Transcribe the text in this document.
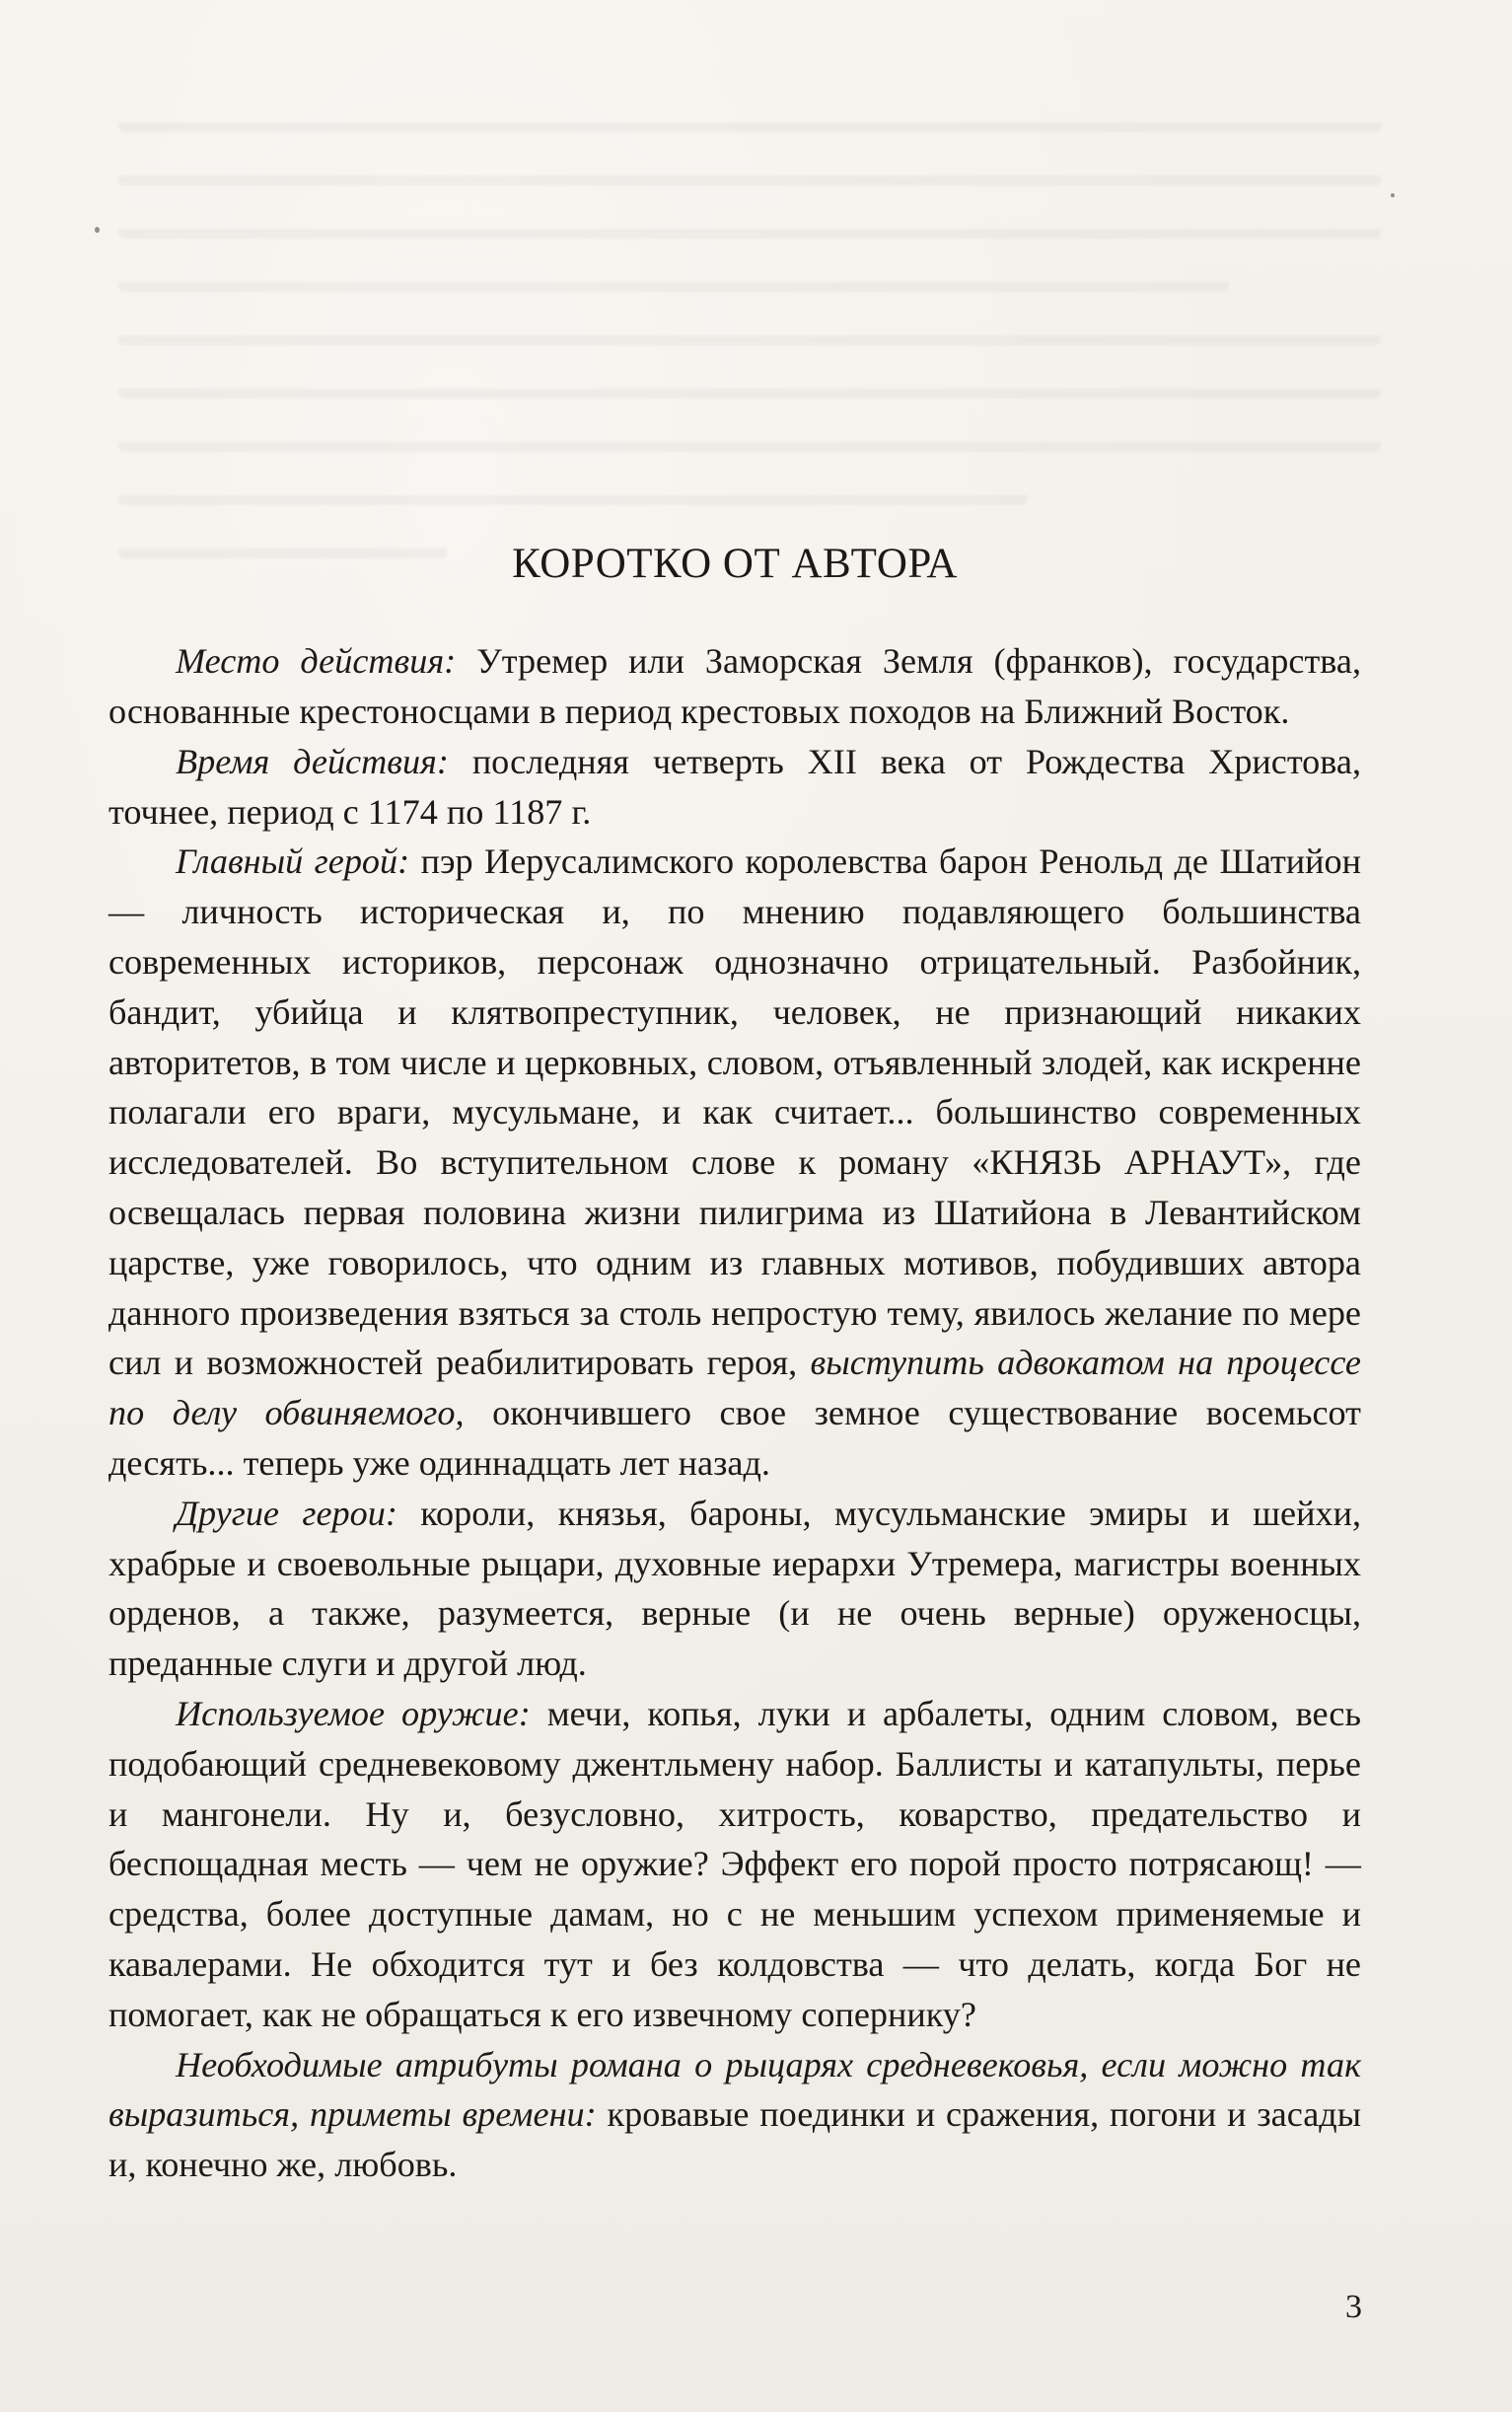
КОРОТКО ОТ АВТОРА

Место действия: Утремер или Заморская Земля (франков), государства, основанные крестоносцами в период крестовых походов на Ближний Восток.

Время действия: последняя четверть XII века от Рождества Христова, точнее, период с 1174 по 1187 г.

Главный герой: пэр Иерусалимского королевства барон Ренольд де Шатийон — личность историческая и, по мнению подавляющего большинства современных историков, персонаж однозначно отрицательный. Разбойник, бандит, убийца и клятвопреступник, человек, не признающий никаких авторитетов, в том числе и церковных, словом, отъявленный злодей, как искренне полагали его враги, мусульмане, и как считает... большинство современных исследователей. Во вступительном слове к роману «КНЯЗЬ АРНАУТ», где освещалась первая половина жизни пилигрима из Шатийона в Левантийском царстве, уже говорилось, что одним из главных мотивов, побудивших автора данного произведения взяться за столь непростую тему, явилось желание по мере сил и возможностей реабилитировать героя, выступить адвокатом на процессе по делу обвиняемого, окончившего свое земное существование восемьсот десять... теперь уже одиннадцать лет назад.

Другие герои: короли, князья, бароны, мусульманские эмиры и шейхи, храбрые и своевольные рыцари, духовные иерархи Утремера, магистры военных орденов, а также, разумеется, верные (и не очень верные) оруженосцы, преданные слуги и другой люд.

Используемое оружие: мечи, копья, луки и арбалеты, одним словом, весь подобающий средневековому джентльмену набор. Баллисты и катапульты, перье и мангонели. Ну и, безусловно, хитрость, коварство, предательство и беспощадная месть — чем не оружие? Эффект его порой просто потрясающ! — средства, более доступные дамам, но с не меньшим успехом применяемые и кавалерами. Не обходится тут и без колдовства — что делать, когда Бог не помогает, как не обращаться к его извечному сопернику?

Необходимые атрибуты романа о рыцарях средневековья, если можно так выразиться, приметы времени: кровавые поединки и сражения, погони и засады и, конечно же, любовь.

3
